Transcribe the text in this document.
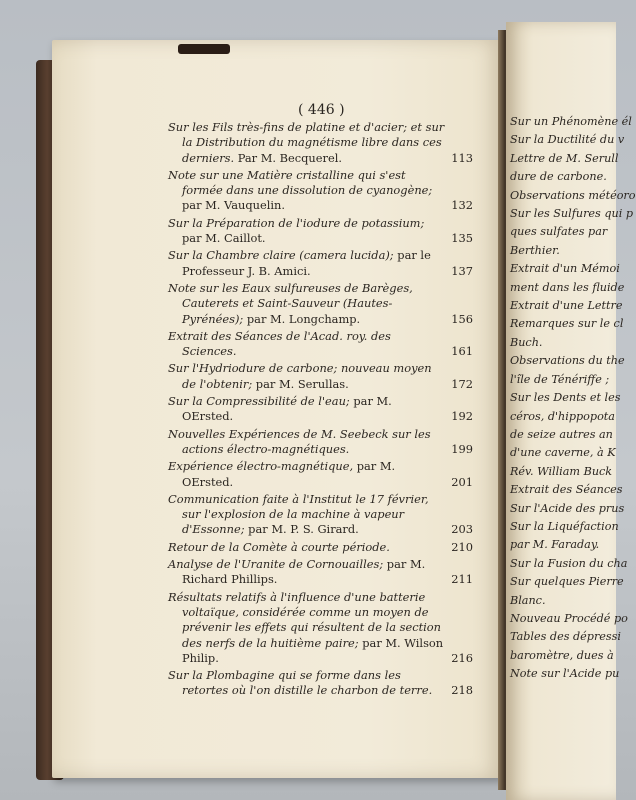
Sur un Phénomène él
Sur la Ductilité du v
Lettre de M. Serull
dure de carbone.
Observations météoro
Sur les Sulfures qui p
ques sulfates par
Berthier.
Extrait d'un Mémoi
ment dans les fluide
Extrait d'une Lettre
Remarques sur le cl
Buch.
Observations du the
l'île de Ténériffe ;
Sur les Dents et les
céros, d'hippopota
de seize autres an
d'une caverne, à K
Rév. William Buck
Extrait des Séances
Sur l'Acide des prus
Sur la Liquéfaction
par M. Faraday.
Sur la Fusion du cha
Sur quelques Pierre
Blanc.
Nouveau Procédé po
Tables des dépressi
baromètre, dues à
Note sur l'Acide pu
( 446 )
Sur les Fils très-fins de platine et d'acier; et sur la Distribution du magnétisme libre dans ces derniers. Par M. Becquerel.	113
Note sur une Matière cristalline qui s'est formée dans une dissolution de cyanogène; par M. Vauquelin.	132
Sur la Préparation de l'iodure de potassium; par M. Caillot.	135
Sur la Chambre claire (camera lucida); par le Professeur J. B. Amici.	137
Note sur les Eaux sulfureuses de Barèges, Cauterets et Saint-Sauveur (Hautes-Pyrénées); par M. Longchamp.	156
Extrait des Séances de l'Acad. roy. des Sciences.	161
Sur l'Hydriodure de carbone; nouveau moyen de l'obtenir; par M. Serullas.	172
Sur la Compressibilité de l'eau; par M. OErsted.	192
Nouvelles Expériences de M. Seebeck sur les actions électro-magnétiques.	199
Expérience électro-magnétique, par M. OErsted.	201
Communication faite à l'Institut le 17 février, sur l'explosion de la machine à vapeur d'Essonne; par M. P. S. Girard.	203
Retour de la Comète à courte période.	210
Analyse de l'Uranite de Cornouailles; par M. Richard Phillips.	211
Résultats relatifs à l'influence d'une batterie voltaïque, considérée comme un moyen de prévenir les effets qui résultent de la section des nerfs de la huitième paire; par M. Wilson Philip.	216
Sur la Plombagine qui se forme dans les retortes où l'on distille le charbon de terre.	218
